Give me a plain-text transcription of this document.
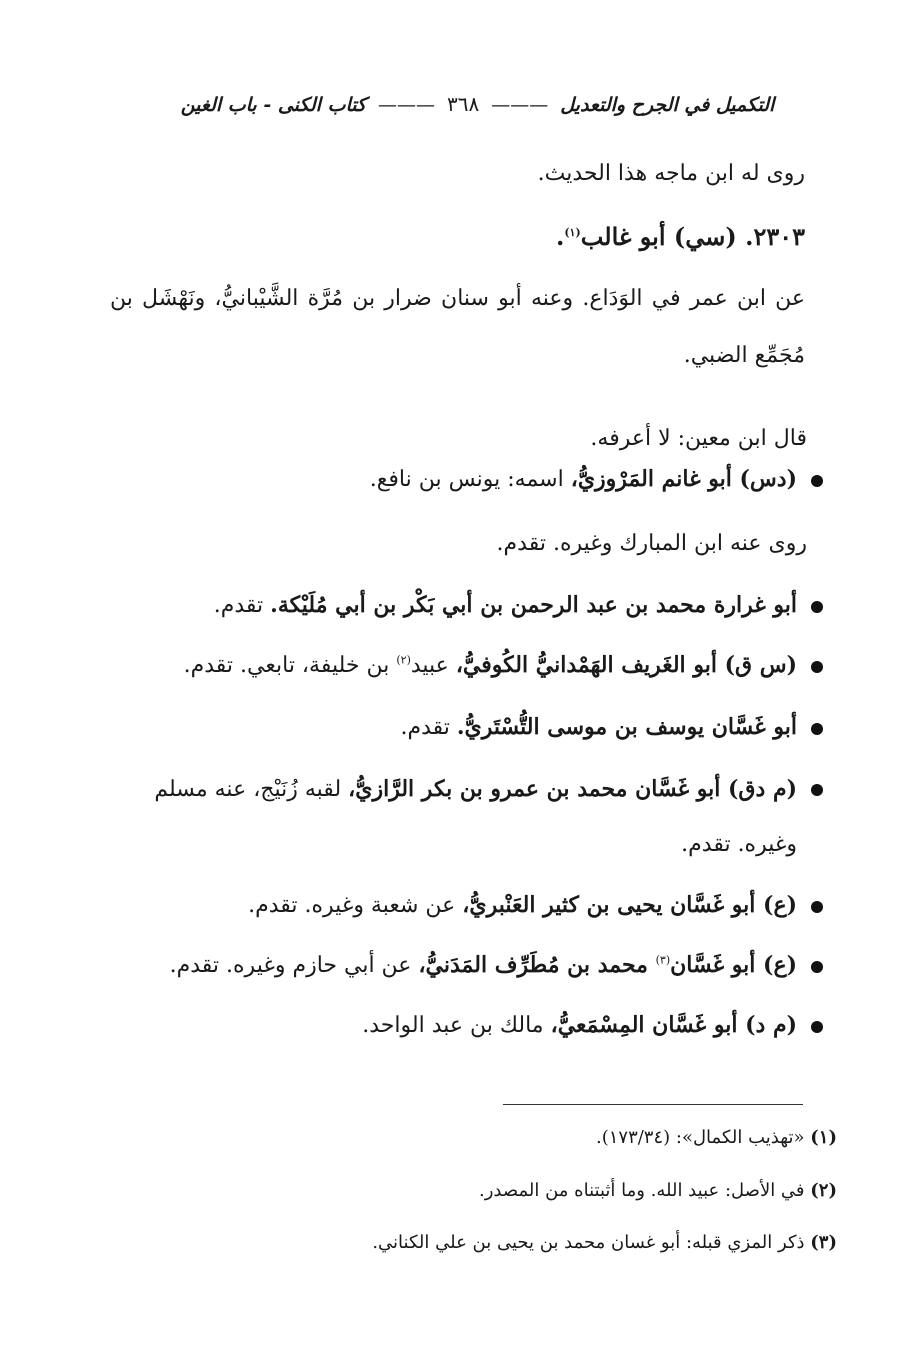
التكميل في الجرح والتعديل
———
٣٦٨
———
كتاب الكنى - باب الغين
روى له ابن ماجه هذا الحديث.
٢٣٠٣. (سي) أبو غالب$^{(١)}$.
عن ابن عمر في الوَدَاع. وعنه أبو سنان ضرار بن مُرَّة الشَّيْبانيُّ، ونَهْشَل بن مُجَمِّع الضبي.
قال ابن معين: لا أعرفه.
(دس) أبو غانم المَرْوزيُّ، اسمه: يونس بن نافع.
روى عنه ابن المبارك وغيره. تقدم.
أبو غرارة محمد بن عبد الرحمن بن أبي بَكْر بن أبي مُلَيْكة. تقدم.
(س ق) أبو الغَريف الهَمْدانيُّ الكُوفيُّ، عبيد$^{(٢)}$ بن خليفة، تابعي. تقدم.
أبو غَسَّان يوسف بن موسى التُّسْتَريُّ. تقدم.
(م دق) أبو غَسَّان محمد بن عمرو بن بكر الرَّازيُّ، لقبه زُنَيْج، عنه مسلم وغيره. تقدم.
(ع) أبو غَسَّان يحيى بن كثير العَنْبريُّ، عن شعبة وغيره. تقدم.
(ع) أبو غَسَّان$^{(٣)}$ محمد بن مُطَرِّف المَدَنيُّ، عن أبي حازم وغيره. تقدم.
(م د) أبو غَسَّان المِسْمَعيُّ، مالك بن عبد الواحد.
(١) «تهذيب الكمال»: (١٧٣/٣٤).
(٢) في الأصل: عبيد الله. وما أثبتناه من المصدر.
(٣) ذكر المزي قبله: أبو غسان محمد بن يحيى بن علي الكناني.
